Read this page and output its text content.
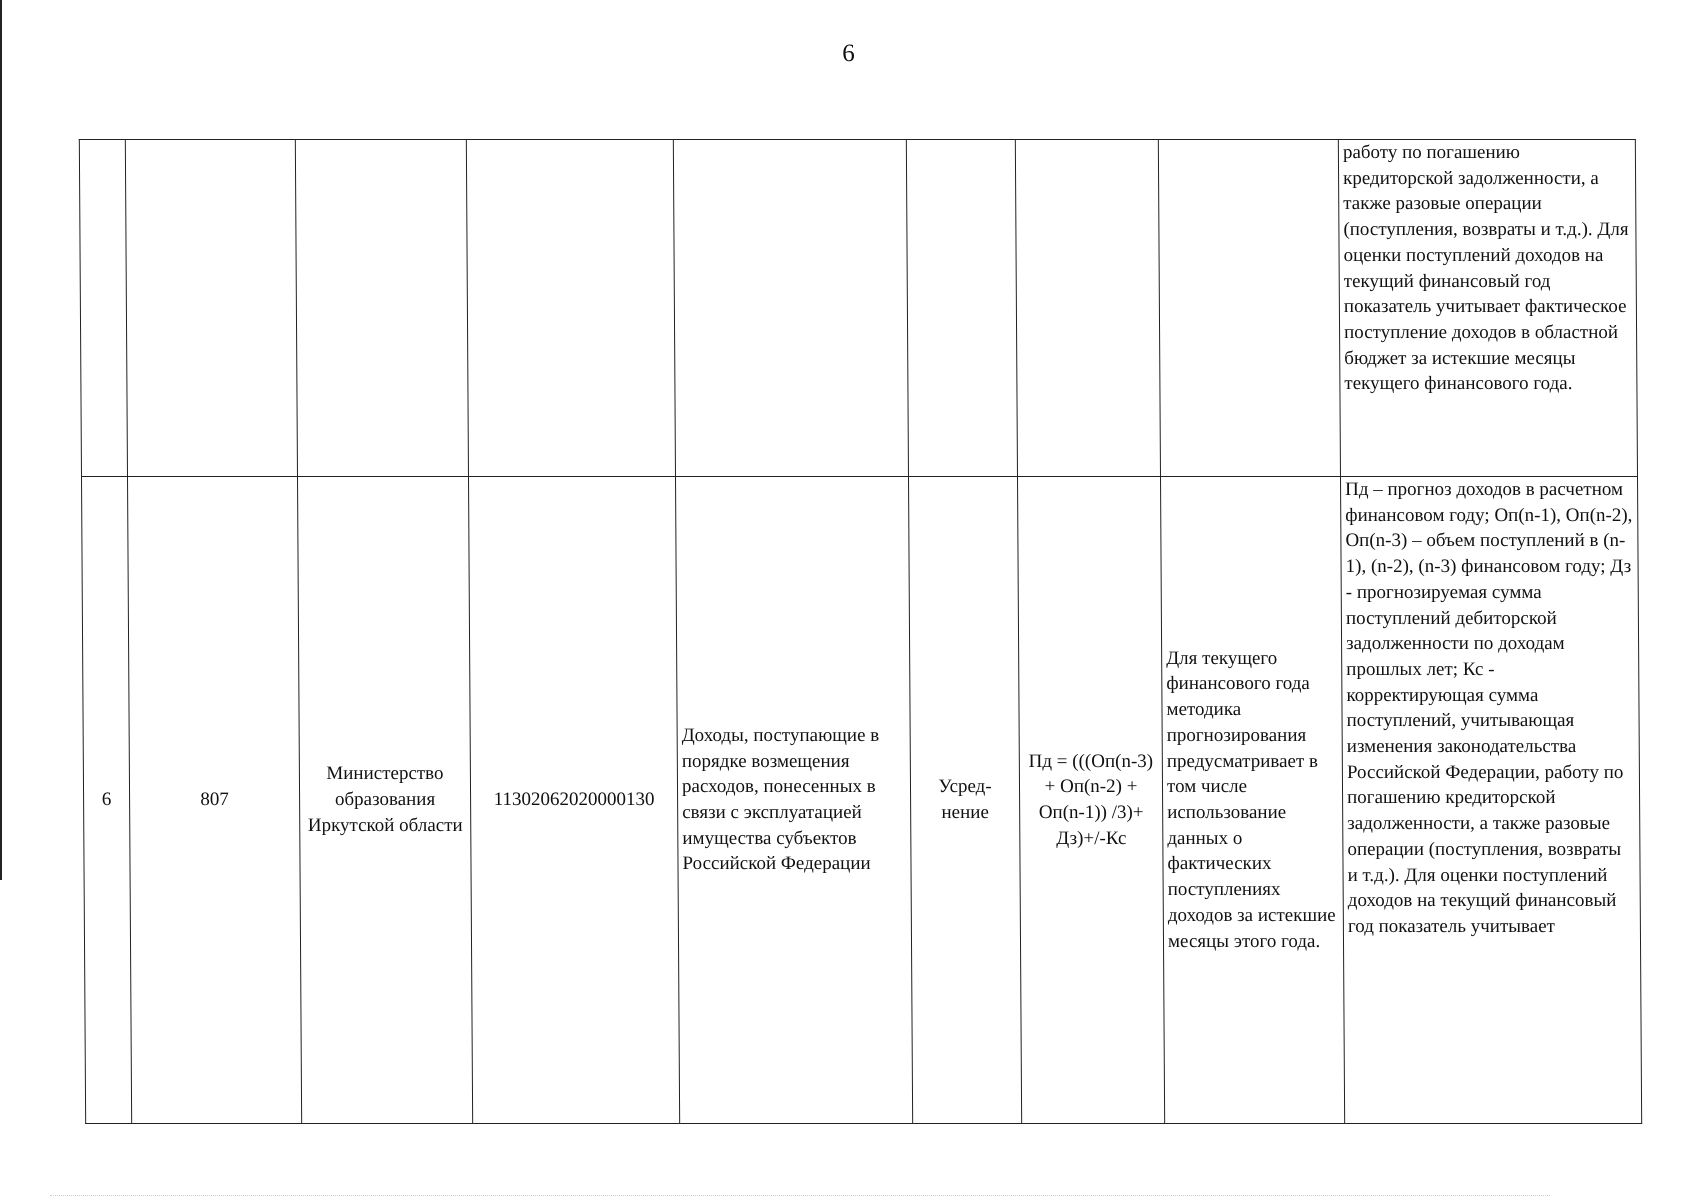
6
								работу по погашению кредиторской задолженности, а также разовые операции (поступления, возвраты и т.д.). Для оценки поступлений доходов на текущий финансовый год показатель учитывает фактическое поступление доходов в областной бюджет за истекшие месяцы текущего финансового года.
6	807	Министерство образования Иркутской области	11302062020000130	Доходы, поступающие в порядке возмещения расходов, понесенных в связи с эксплуатацией имущества субъектов Российской Федерации	Усред-нение	Пд = (((Оп(n-3) + Оп(n-2) + Оп(n-1)) /3)+ Дз)+/-Кс	Для текущего финансового года методика прогнозирования предусматривает в том числе использование данных о фактических поступлениях доходов за истекшие месяцы этого года.	Пд – прогноз доходов в расчетном финансовом году; Оп(n-1), Оп(n-2), Оп(n-3) – объем поступлений в (n-1), (n-2), (n-3) финансовом году; Дз - прогнозируемая сумма поступлений дебиторской задолженности по доходам прошлых лет; Кс - корректирующая сумма поступлений, учитывающая изменения законодательства Российской Федерации, работу по погашению кредиторской задолженности, а также разовые операции (поступления, возвраты и т.д.). Для оценки поступлений доходов на текущий финансовый год показатель учитывает
